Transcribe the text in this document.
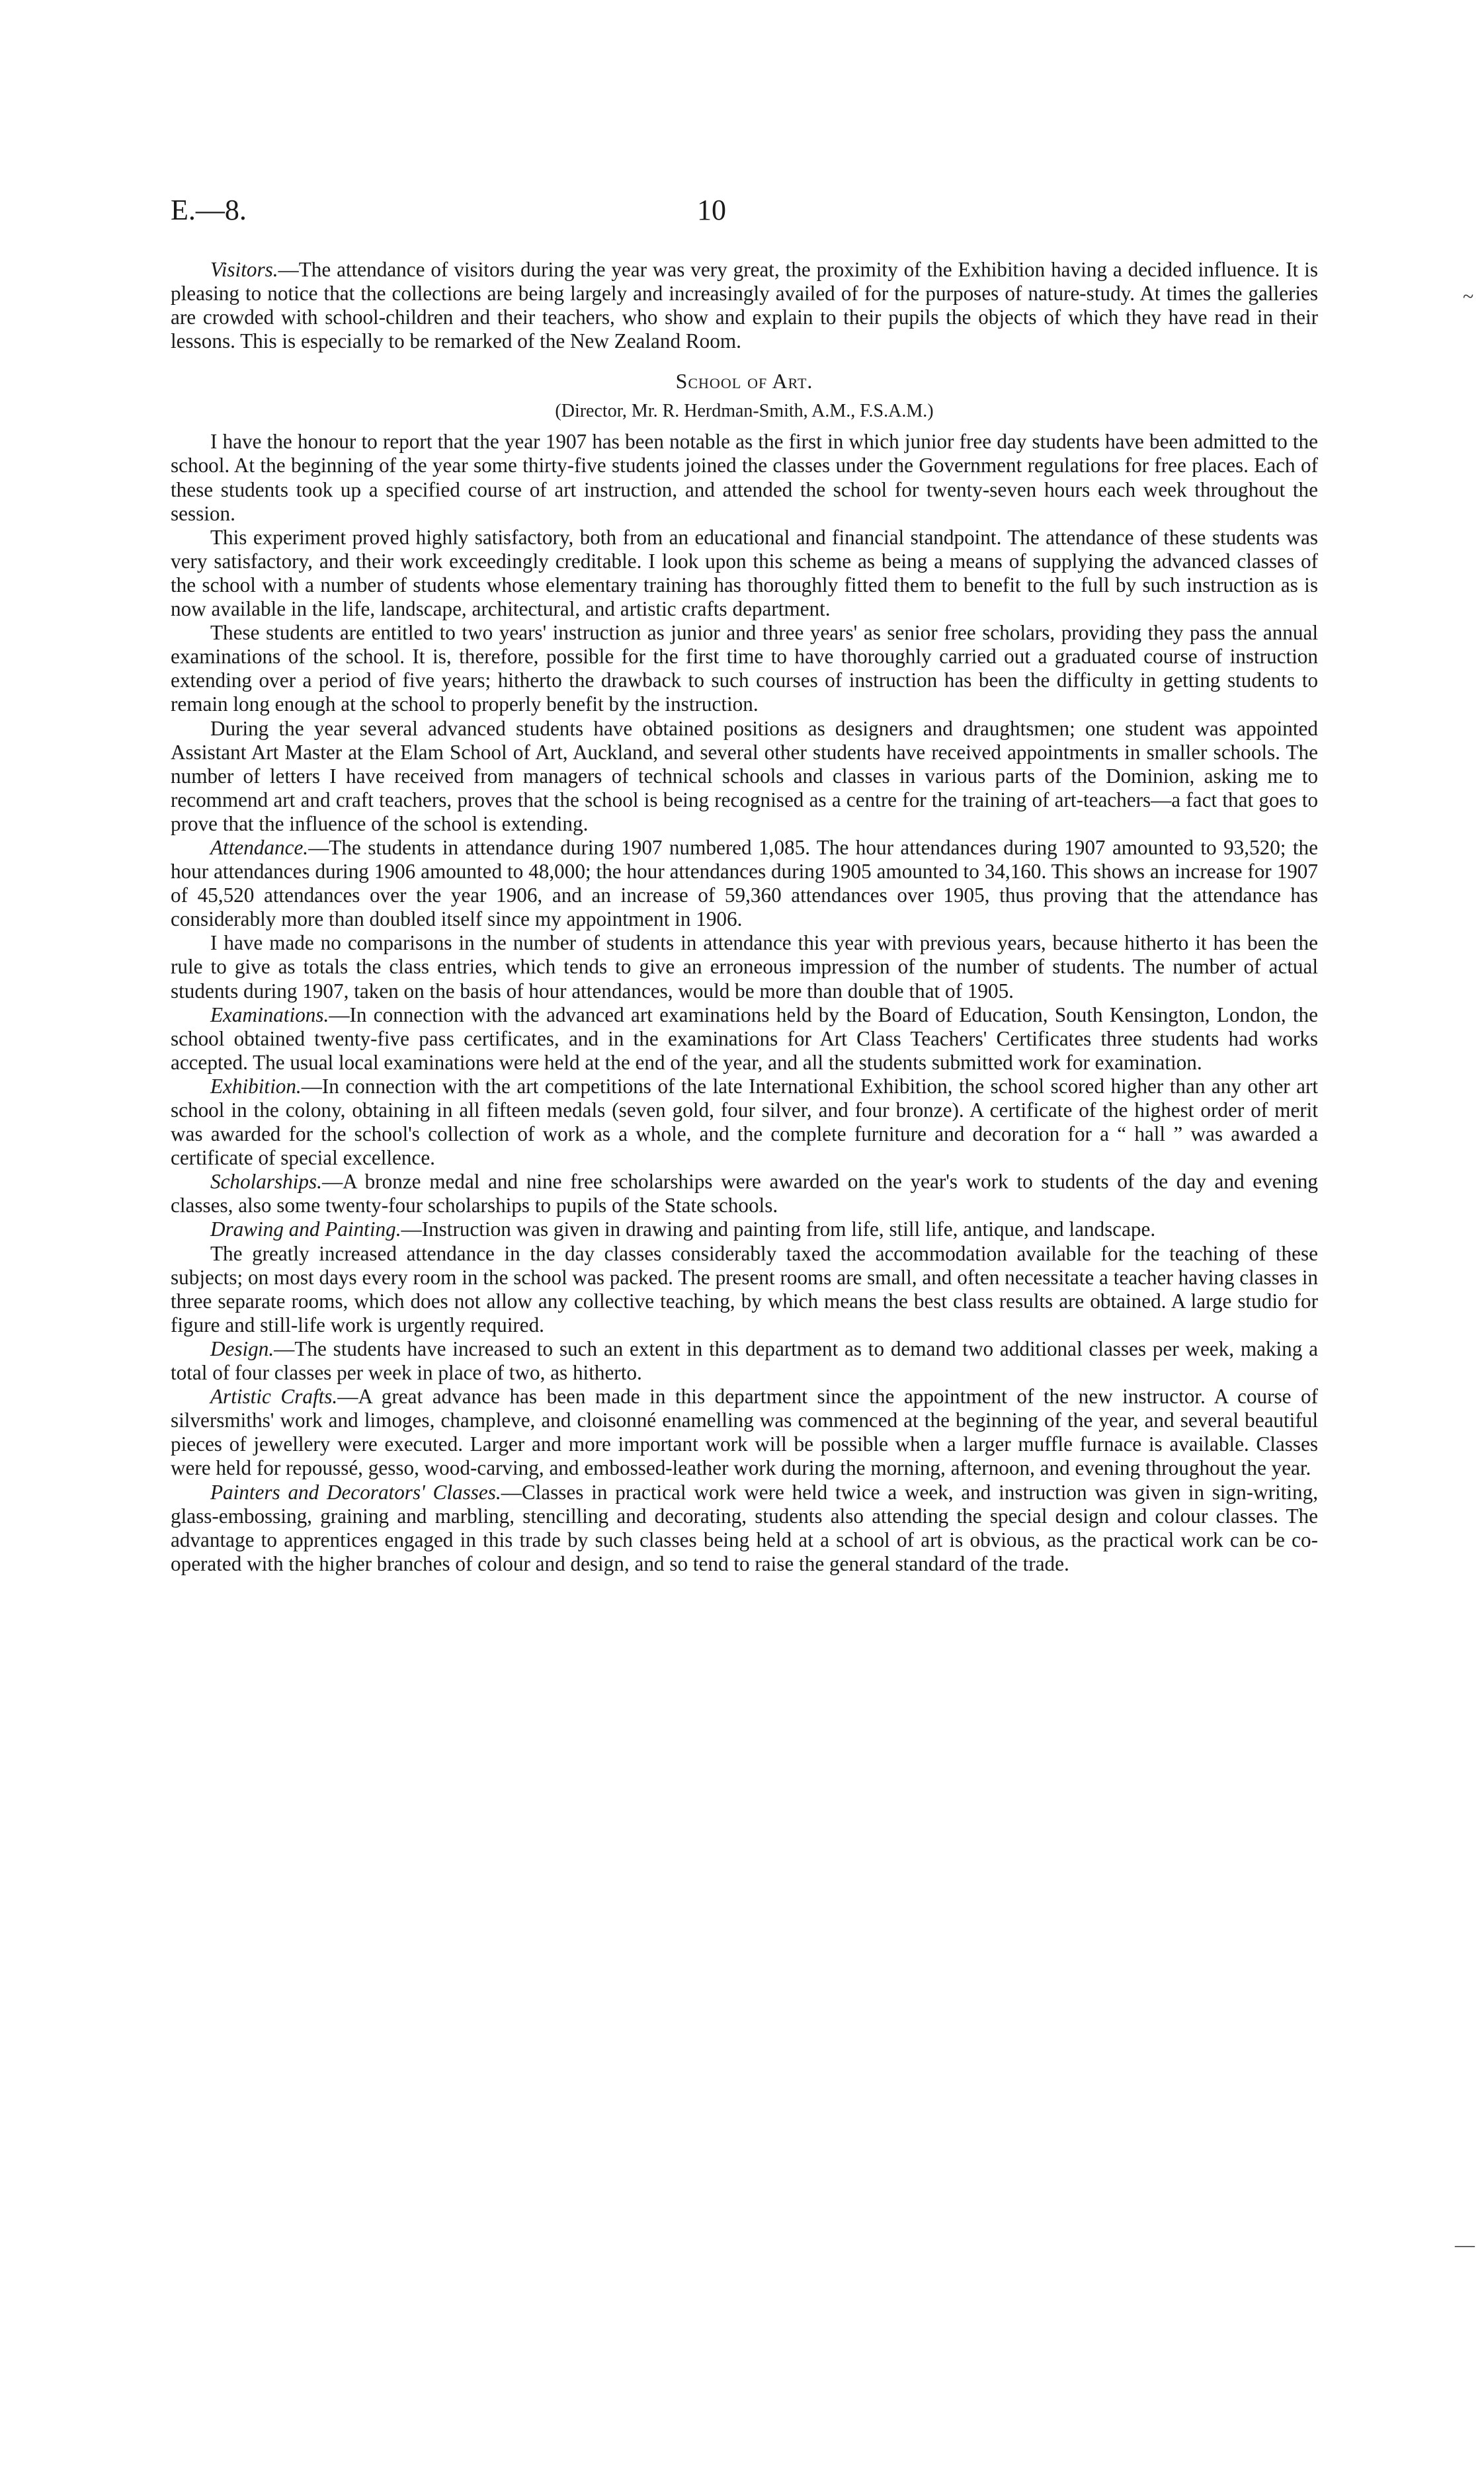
E.—8.	10
~
—

Visitors.—The attendance of visitors during the year was very great, the proximity of the Exhibition having a decided influence. It is pleasing to notice that the collections are being largely and increasingly availed of for the purposes of nature-study. At times the galleries are crowded with school-children and their teachers, who show and explain to their pupils the objects of which they have read in their lessons. This is especially to be remarked of the New Zealand Room.

School of Art.
(Director, Mr. R. Herdman-Smith, A.M., F.S.A.M.)

I have the honour to report that the year 1907 has been notable as the first in which junior free day students have been admitted to the school. At the beginning of the year some thirty-five students joined the classes under the Government regulations for free places. Each of these students took up a specified course of art instruction, and attended the school for twenty-seven hours each week throughout the session.

This experiment proved highly satisfactory, both from an educational and financial standpoint. The attendance of these students was very satisfactory, and their work exceedingly creditable. I look upon this scheme as being a means of supplying the advanced classes of the school with a number of students whose elementary training has thoroughly fitted them to benefit to the full by such instruction as is now available in the life, landscape, architectural, and artistic crafts department.

These students are entitled to two years' instruction as junior and three years' as senior free scholars, providing they pass the annual examinations of the school. It is, therefore, possible for the first time to have thoroughly carried out a graduated course of instruction extending over a period of five years; hitherto the drawback to such courses of instruction has been the difficulty in getting students to remain long enough at the school to properly benefit by the instruction.

During the year several advanced students have obtained positions as designers and draughtsmen; one student was appointed Assistant Art Master at the Elam School of Art, Auckland, and several other students have received appointments in smaller schools. The number of letters I have received from managers of technical schools and classes in various parts of the Dominion, asking me to recommend art and craft teachers, proves that the school is being recognised as a centre for the training of art-teachers—a fact that goes to prove that the influence of the school is extending.

Attendance.—The students in attendance during 1907 numbered 1,085. The hour attendances during 1907 amounted to 93,520; the hour attendances during 1906 amounted to 48,000; the hour attendances during 1905 amounted to 34,160. This shows an increase for 1907 of 45,520 attendances over the year 1906, and an increase of 59,360 attendances over 1905, thus proving that the attendance has considerably more than doubled itself since my appointment in 1906.

I have made no comparisons in the number of students in attendance this year with previous years, because hitherto it has been the rule to give as totals the class entries, which tends to give an erroneous impression of the number of students. The number of actual students during 1907, taken on the basis of hour attendances, would be more than double that of 1905.

Examinations.—In connection with the advanced art examinations held by the Board of Education, South Kensington, London, the school obtained twenty-five pass certificates, and in the examinations for Art Class Teachers' Certificates three students had works accepted. The usual local examinations were held at the end of the year, and all the students submitted work for examination.

Exhibition.—In connection with the art competitions of the late International Exhibition, the school scored higher than any other art school in the colony, obtaining in all fifteen medals (seven gold, four silver, and four bronze). A certificate of the highest order of merit was awarded for the school's collection of work as a whole, and the complete furniture and decoration for a “ hall ” was awarded a certificate of special excellence.

Scholarships.—A bronze medal and nine free scholarships were awarded on the year's work to students of the day and evening classes, also some twenty-four scholarships to pupils of the State schools.

Drawing and Painting.—Instruction was given in drawing and painting from life, still life, antique, and landscape.

The greatly increased attendance in the day classes considerably taxed the accommodation available for the teaching of these subjects; on most days every room in the school was packed. The present rooms are small, and often necessitate a teacher having classes in three separate rooms, which does not allow any collective teaching, by which means the best class results are obtained. A large studio for figure and still-life work is urgently required.

Design.—The students have increased to such an extent in this department as to demand two additional classes per week, making a total of four classes per week in place of two, as hitherto.

Artistic Crafts.—A great advance has been made in this department since the appointment of the new instructor. A course of silversmiths' work and limoges, champleve, and cloisonné enamelling was commenced at the beginning of the year, and several beautiful pieces of jewellery were executed. Larger and more important work will be possible when a larger muffle furnace is available. Classes were held for repoussé, gesso, wood-carving, and embossed-leather work during the morning, afternoon, and evening throughout the year.

Painters and Decorators' Classes.—Classes in practical work were held twice a week, and instruction was given in sign-writing, glass-embossing, graining and marbling, stencilling and decorating, students also attending the special design and colour classes. The advantage to apprentices engaged in this trade by such classes being held at a school of art is obvious, as the practical work can be co-operated with the higher branches of colour and design, and so tend to raise the general standard of the trade.
